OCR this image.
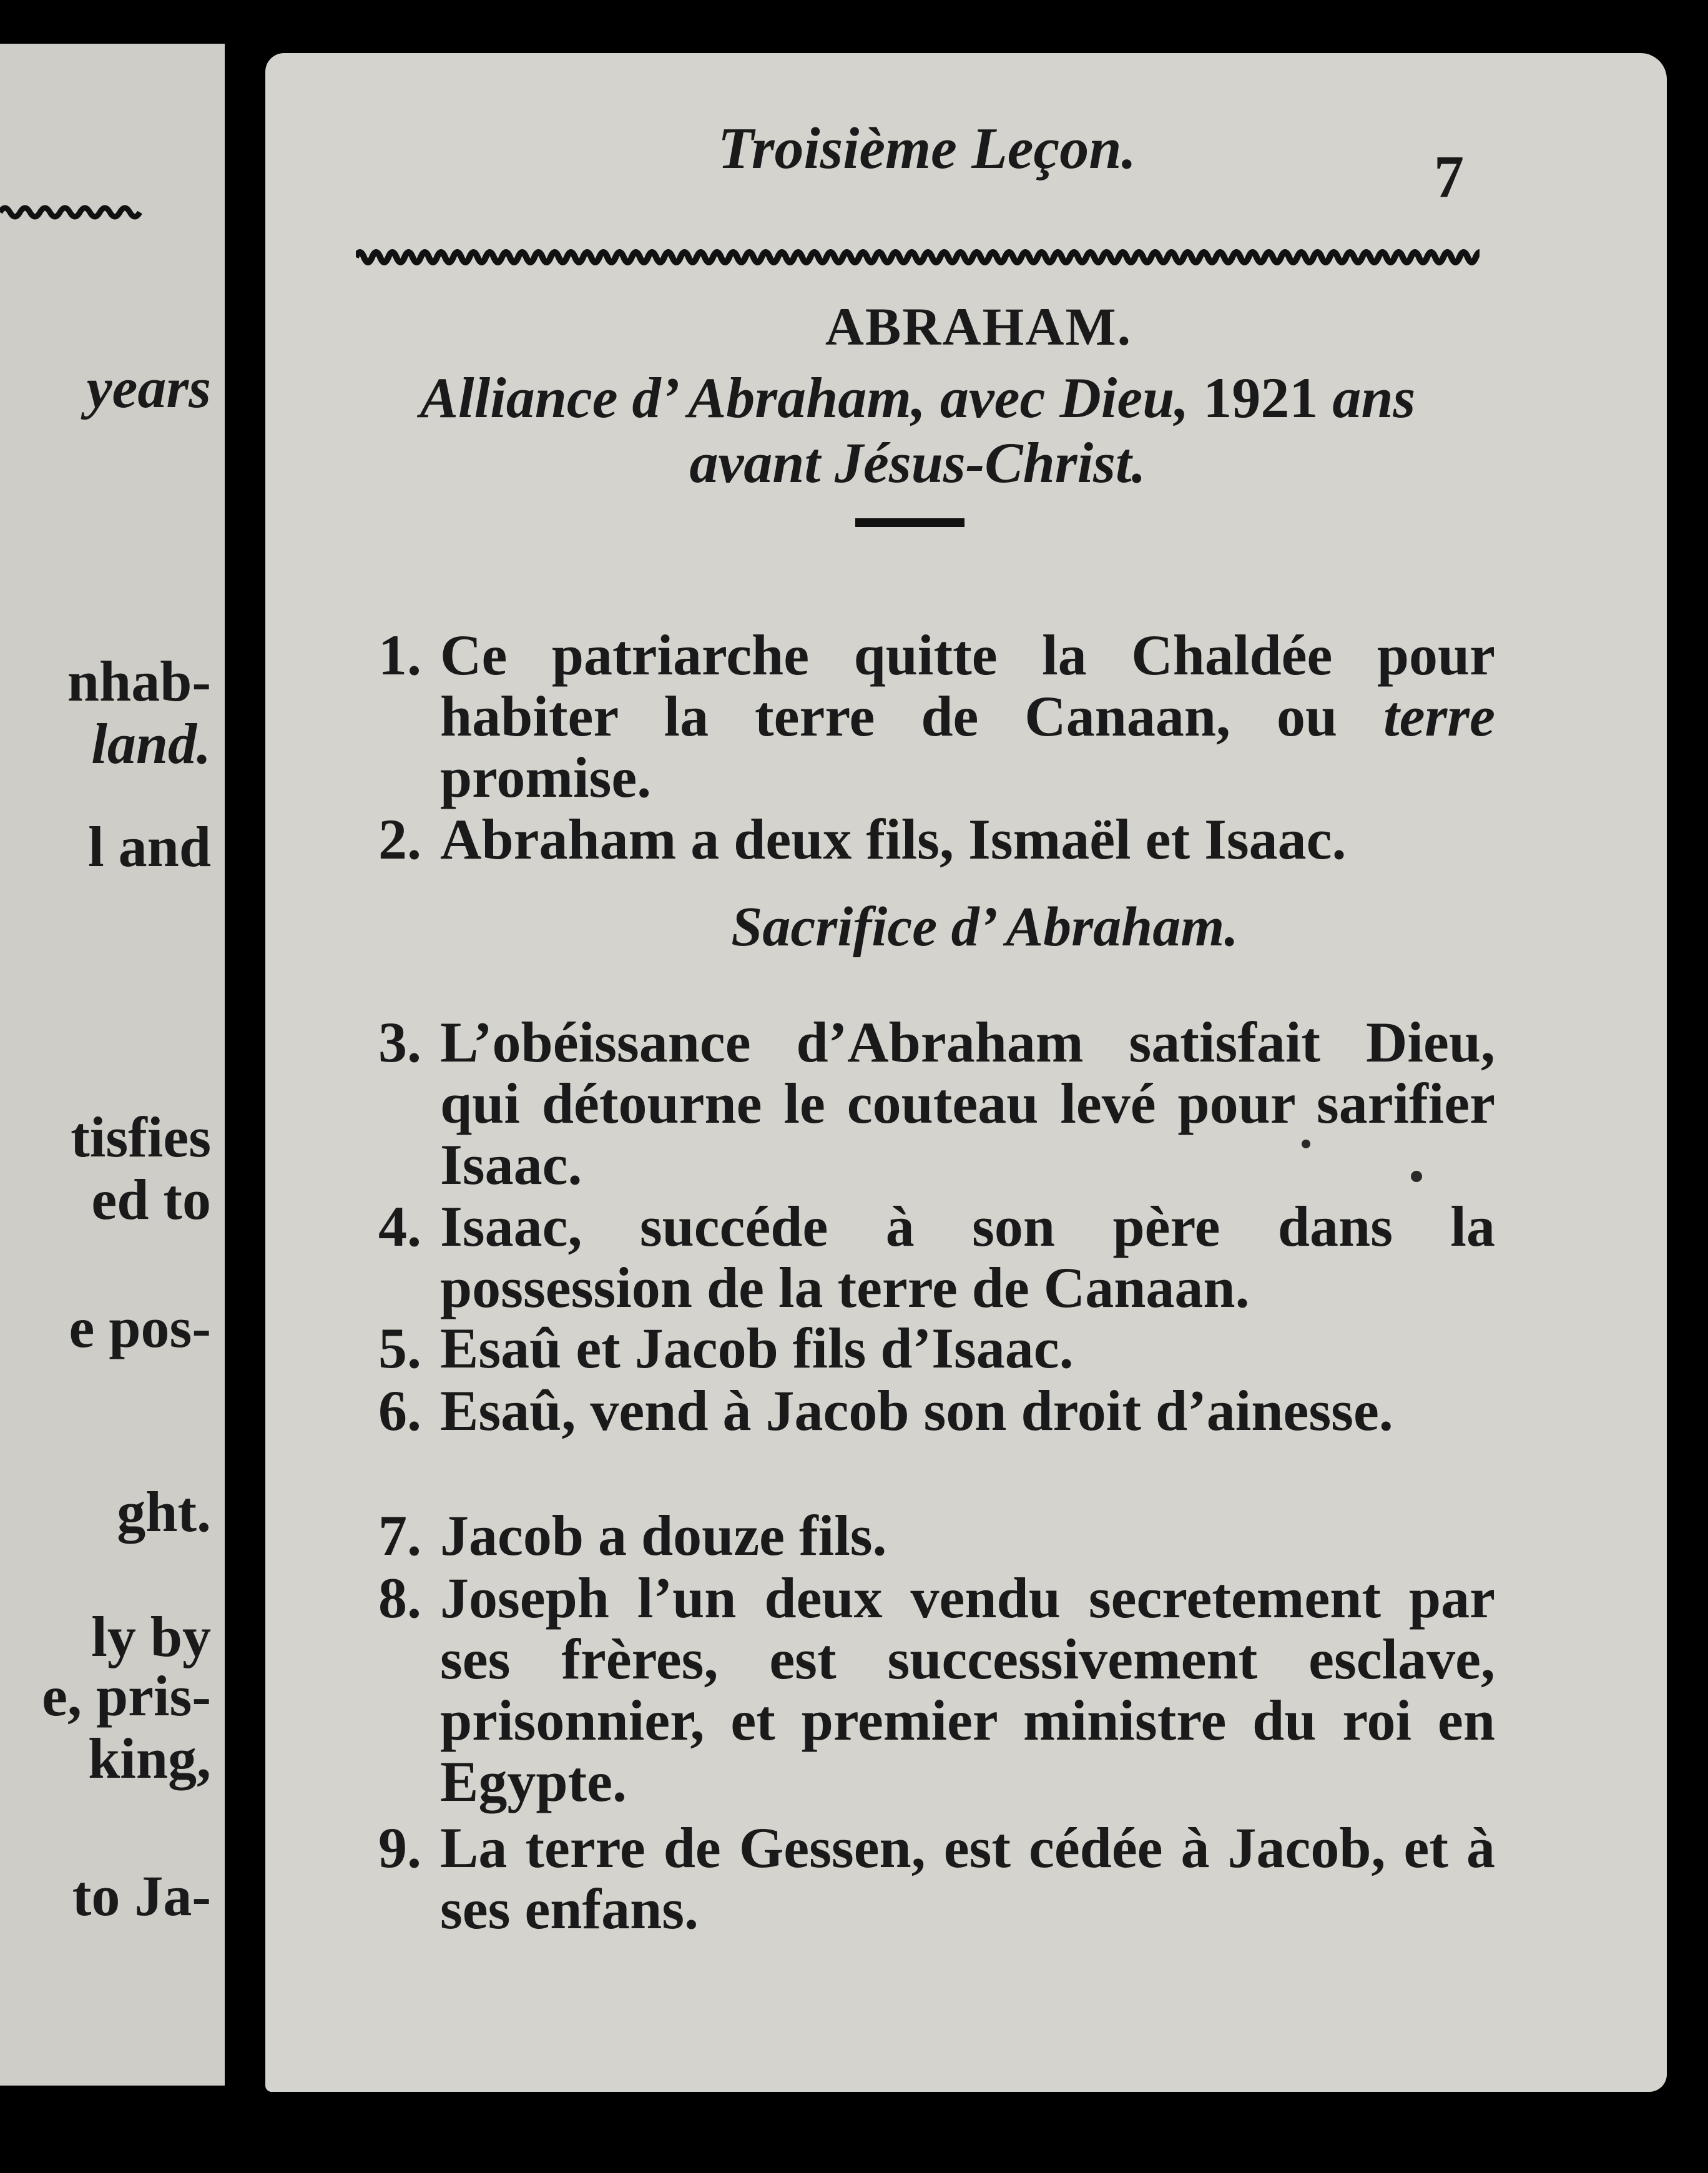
years
nhab-
land.
l and
tisfies
ed to
e pos-
ght.
ly by
e, pris-
king,
to Ja-
Troisième Leçon.	7
ABRAHAM.
Alliance d’ Abraham, avec Dieu, 1921 ans avant Jésus-Christ.
1. Ce patriarche quitte la Chaldée pour habiter la terre de Canaan, ou terre promise.
2. Abraham a deux fils, Ismaël et Isaac.
Sacrifice d’ Abraham.
3. L’obéissance d’Abraham satisfait Dieu, qui détourne le couteau levé pour sarifier Isaac.
4. Isaac, succéde à son père dans la possession de la terre de Canaan.
5. Esaû et Jacob fils d’Isaac.
6. Esaû, vend à Jacob son droit d’ainesse.
7. Jacob a douze fils.
8. Joseph l’un deux vendu secretement par ses frères, est successivement esclave, prisonnier, et premier ministre du roi en Egypte.
9. La terre de Gessen, est cédée à Jacob, et à ses enfans.
